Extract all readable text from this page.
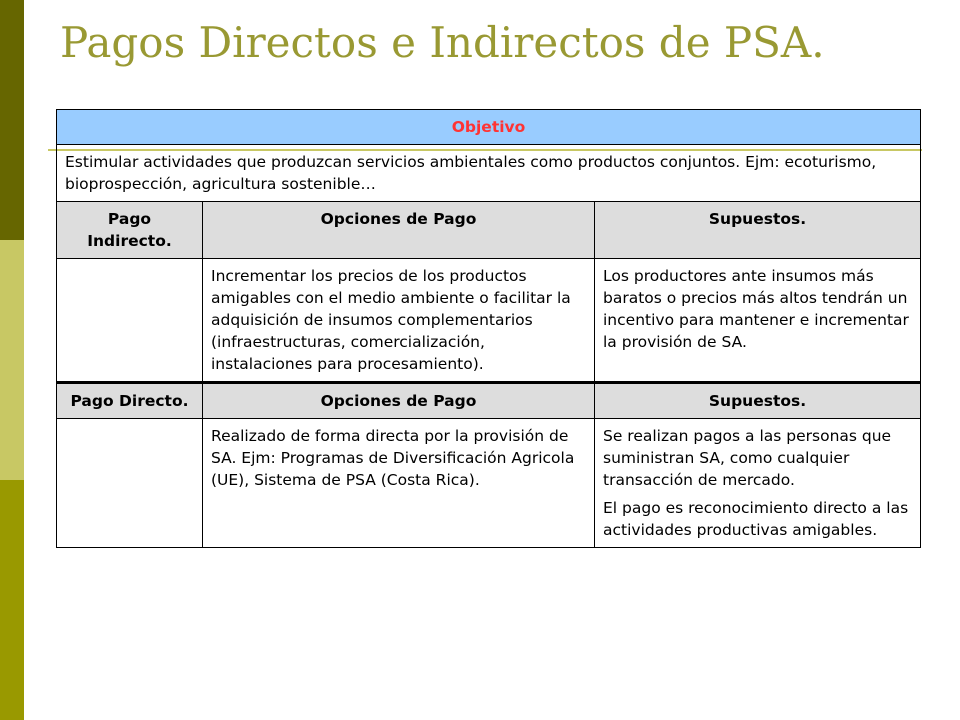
Pagos Directos e Indirectos de PSA.
Objetivo		
Estimular actividades que produzcan servicios ambientales como productos conjuntos. Ejm: ecoturismo, bioprospección, agricultura sostenible…		
Pago Indirecto.	Opciones de Pago	Supuestos.
	Incrementar los precios de los productos amigables con el medio ambiente o facilitar la adquisición de insumos complementarios (infraestructuras, comercialización, instalaciones para procesamiento).	Los productores ante insumos más baratos o precios más altos tendrán un incentivo para mantener e incrementar la provisión de SA.

Pago Directo.	Opciones de Pago	Supuestos.
	Realizado de forma directa por la provisión de SA. Ejm: Programas de Diversificación Agricola (UE), Sistema de PSA (Costa Rica).	Se realizan pagos a las personas que suministran SA, como cualquier transacción de mercado.

El pago es reconocimiento directo a las actividades productivas amigables.
